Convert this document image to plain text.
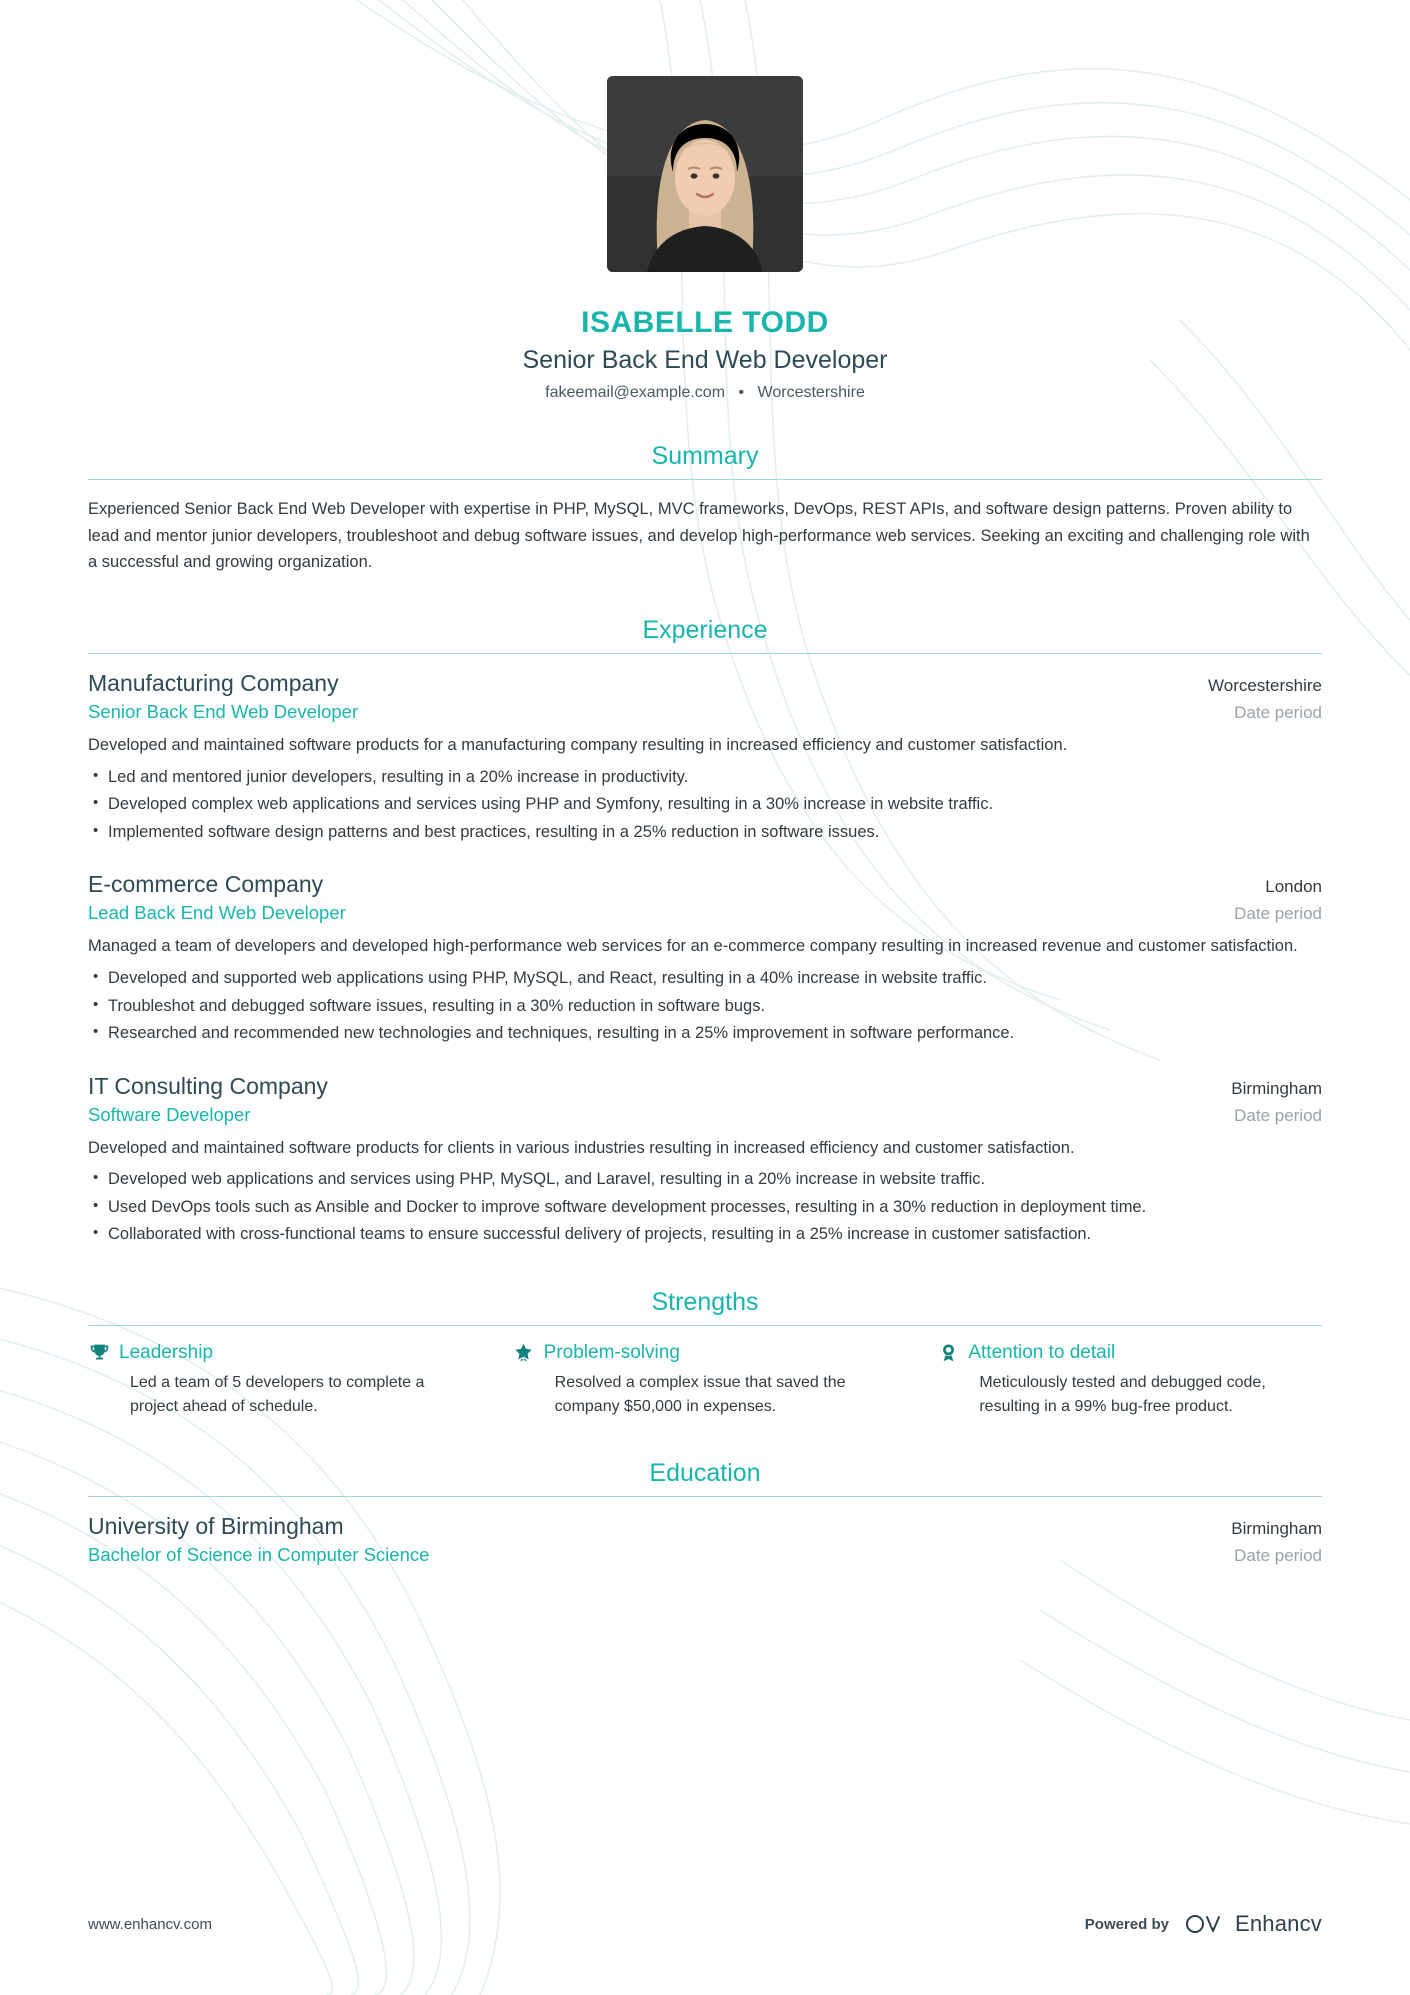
ISABELLE TODD
Senior Back End Web Developer
fakeemail@example.com • Worcestershire
Summary

Experienced Senior Back End Web Developer with expertise in PHP, MySQL, MVC frameworks, DevOps, REST APIs, and software design patterns. Proven ability to lead and mentor junior developers, troubleshoot and debug software issues, and develop high-performance web services. Seeking an exciting and challenging role with a successful and growing organization.

Experience
Manufacturing Company	Worcestershire
Senior Back End Web Developer	Date period
Developed and maintained software products for a manufacturing company resulting in increased efficiency and customer satisfaction.
• Led and mentored junior developers, resulting in a 20% increase in productivity.
• Developed complex web applications and services using PHP and Symfony, resulting in a 30% increase in website traffic.
• Implemented software design patterns and best practices, resulting in a 25% reduction in software issues.
E-commerce Company	London
Lead Back End Web Developer	Date period
Managed a team of developers and developed high-performance web services for an e-commerce company resulting in increased revenue and customer satisfaction.
• Developed and supported web applications using PHP, MySQL, and React, resulting in a 40% increase in website traffic.
• Troubleshot and debugged software issues, resulting in a 30% reduction in software bugs.
• Researched and recommended new technologies and techniques, resulting in a 25% improvement in software performance.
IT Consulting Company	Birmingham
Software Developer	Date period
Developed and maintained software products for clients in various industries resulting in increased efficiency and customer satisfaction.
• Developed web applications and services using PHP, MySQL, and Laravel, resulting in a 20% increase in website traffic.
• Used DevOps tools such as Ansible and Docker to improve software development processes, resulting in a 30% reduction in deployment time.
• Collaborated with cross-functional teams to ensure successful delivery of projects, resulting in a 25% increase in customer satisfaction.
Strengths
Leadership
Led a team of 5 developers to complete a project ahead of schedule.
Problem-solving
Resolved a complex issue that saved the company $50,000 in expenses.
Attention to detail
Meticulously tested and debugged code, resulting in a 99% bug-free product.
Education
University of Birmingham	Birmingham
Bachelor of Science in Computer Science	Date period
www.enhancv.com	Powered by	Enhancv
